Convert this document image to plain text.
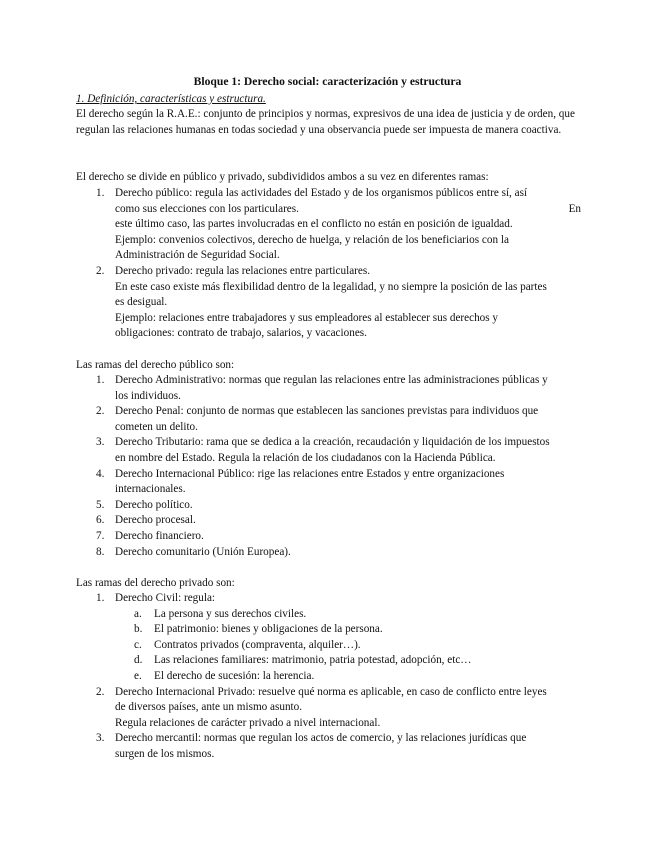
Bloque 1: Derecho social: caracterización y estructura
1. Definición, características y estructura.
El derecho según la R.A.E.: conjunto de principios y normas, expresivos de una idea de justicia y de orden, que regulan las relaciones humanas en todas sociedad y una observancia puede ser impuesta de manera coactiva.
El derecho se divide en público y privado, subdivididos ambos a su vez en diferentes ramas:
1. Derecho público: regula las actividades del Estado y de los organismos públicos entre sí, así
como sus elecciones con los particulares.	En
este último caso, las partes involucradas en el conflicto no están en posición de igualdad.
Ejemplo: convenios colectivos, derecho de huelga, y relación de los beneficiarios con la
Administración de Seguridad Social.
2. Derecho privado: regula las relaciones entre particulares.
En este caso existe más flexibilidad dentro de la legalidad, y no siempre la posición de las partes
es desigual.
Ejemplo: relaciones entre trabajadores y sus empleadores al establecer sus derechos y
obligaciones: contrato de trabajo, salarios, y vacaciones.
Las ramas del derecho público son:
1. Derecho Administrativo: normas que regulan las relaciones entre las administraciones públicas y
los individuos.
2. Derecho Penal: conjunto de normas que establecen las sanciones previstas para individuos que
cometen un delito.
3. Derecho Tributario: rama que se dedica a la creación, recaudación y liquidación de los impuestos
en nombre del Estado. Regula la relación de los ciudadanos con la Hacienda Pública.
4. Derecho Internacional Público: rige las relaciones entre Estados y entre organizaciones
internacionales.
5. Derecho político.
6. Derecho procesal.
7. Derecho financiero.
8. Derecho comunitario (Unión Europea).
Las ramas del derecho privado son:
1. Derecho Civil: regula:
a. La persona y sus derechos civiles.
b. El patrimonio: bienes y obligaciones de la persona.
c. Contratos privados (compraventa, alquiler…).
d. Las relaciones familiares: matrimonio, patria potestad, adopción, etc…
e. El derecho de sucesión: la herencia.
2. Derecho Internacional Privado: resuelve qué norma es aplicable, en caso de conflicto entre leyes
de diversos países, ante un mismo asunto.
Regula relaciones de carácter privado a nivel internacional.
3. Derecho mercantil: normas que regulan los actos de comercio, y las relaciones jurídicas que
surgen de los mismos.
